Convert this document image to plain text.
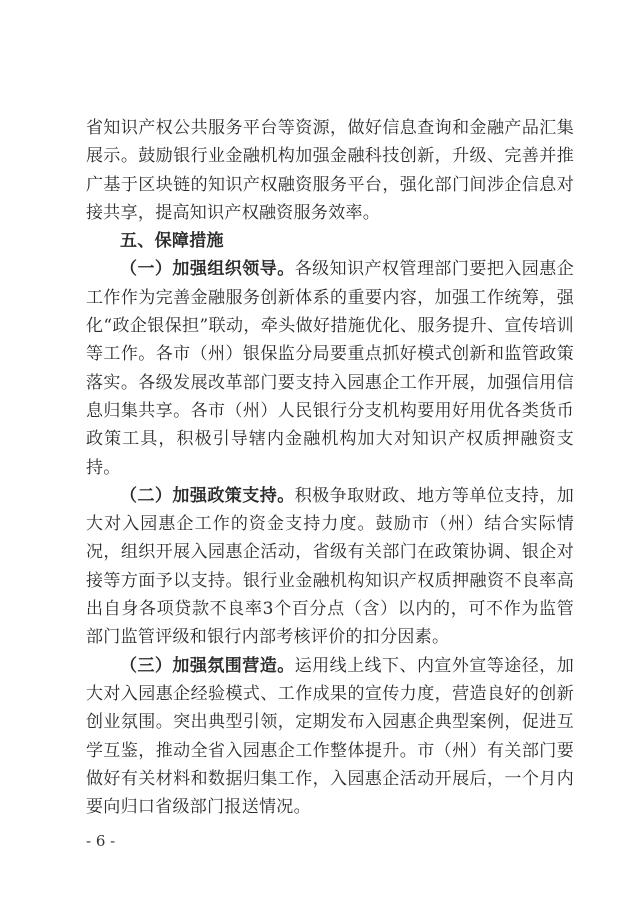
省知识产权公共服务平台等资源，做好信息查询和金融产品汇集展示。鼓励银行业金融机构加强金融科技创新，升级、完善并推广基于区块链的知识产权融资服务平台，强化部门间涉企信息对接共享，提高知识产权融资服务效率。

五、保障措施

（一）加强组织领导。各级知识产权管理部门要把入园惠企工作作为完善金融服务创新体系的重要内容，加强工作统筹，强化“政企银保担”联动，牵头做好措施优化、服务提升、宣传培训等工作。各市（州）银保监分局要重点抓好模式创新和监管政策落实。各级发展改革部门要支持入园惠企工作开展，加强信用信息归集共享。各市（州）人民银行分支机构要用好用优各类货币政策工具，积极引导辖内金融机构加大对知识产权质押融资支持。

（二）加强政策支持。积极争取财政、地方等单位支持，加大对入园惠企工作的资金支持力度。鼓励市（州）结合实际情况，组织开展入园惠企活动，省级有关部门在政策协调、银企对接等方面予以支持。银行业金融机构知识产权质押融资不良率高出自身各项贷款不良率3个百分点（含）以内的，可不作为监管部门监管评级和银行内部考核评价的扣分因素。

（三）加强氛围营造。运用线上线下、内宣外宣等途径，加大对入园惠企经验模式、工作成果的宣传力度，营造良好的创新创业氛围。突出典型引领，定期发布入园惠企典型案例，促进互学互鉴，推动全省入园惠企工作整体提升。市（州）有关部门要做好有关材料和数据归集工作，入园惠企活动开展后，一个月内要向归口省级部门报送情况。

- 6 -
